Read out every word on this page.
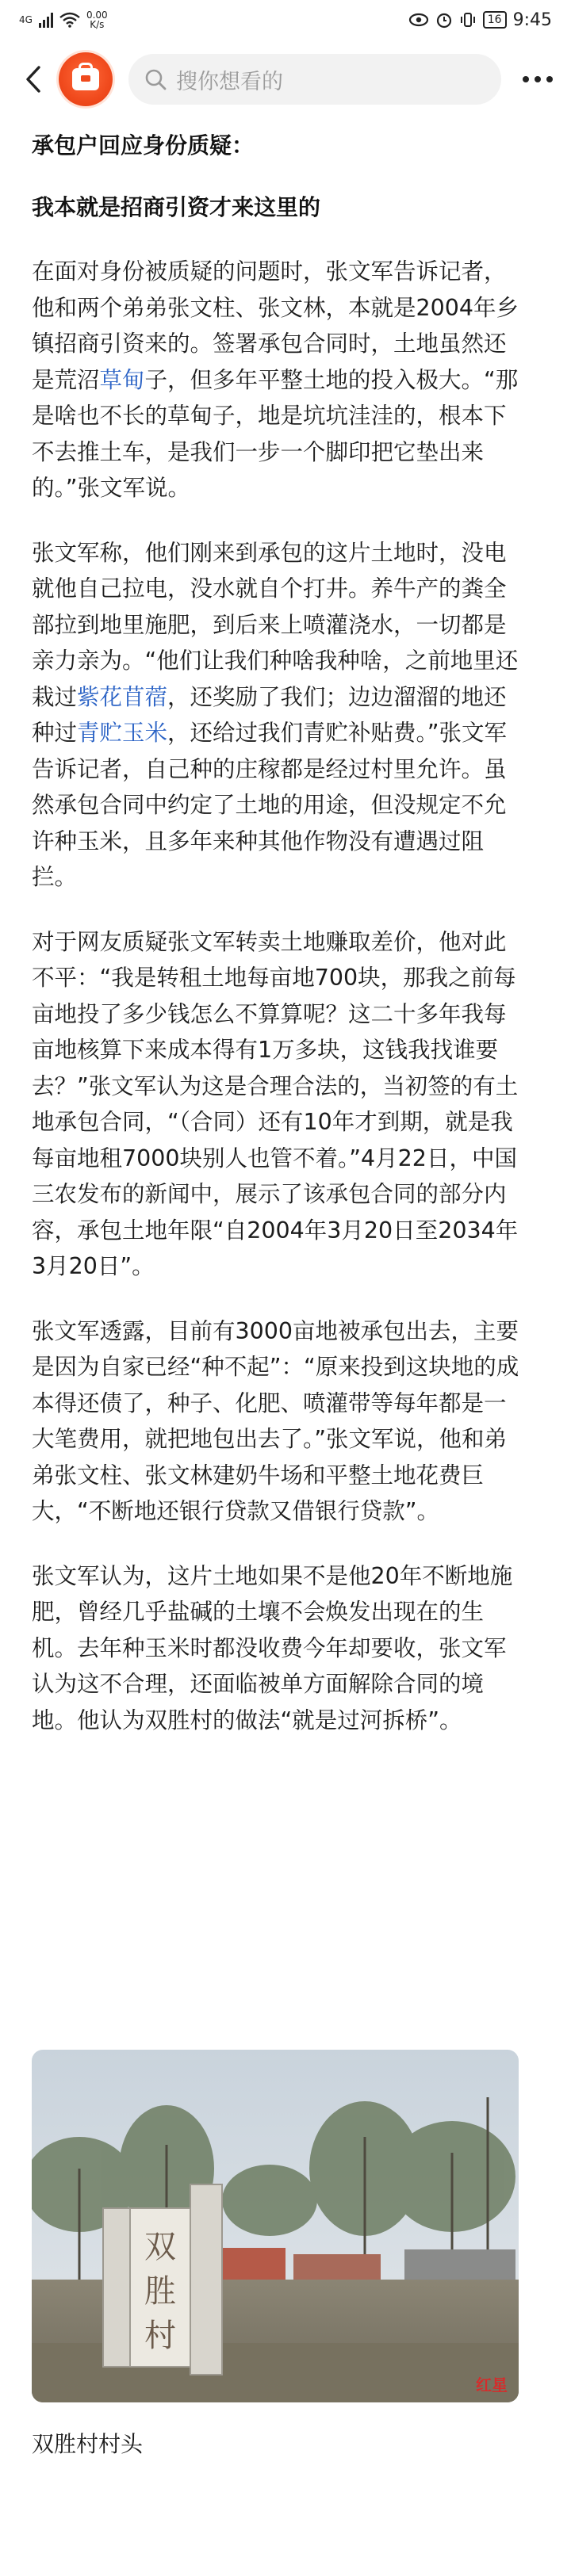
4G	0.00
K/s	16 9:45
搜你想看的

承包户回应身份质疑：

我本就是招商引资才来这里的

在面对身份被质疑的问题时，张文军告诉记者，他和两个弟弟张文柱、张文林，本就是2004年乡镇招商引资来的。签署承包合同时，土地虽然还是荒沼草甸子，但多年平整土地的投入极大。“那是啥也不长的草甸子，地是坑坑洼洼的，根本下不去推土车，是我们一步一个脚印把它垫出来的。”张文军说。

张文军称，他们刚来到承包的这片土地时，没电就他自己拉电，没水就自个打井。养牛产的粪全部拉到地里施肥，到后来上喷灌浇水，一切都是亲力亲为。“他们让我们种啥我种啥，之前地里还栽过紫花苜蓿，还奖励了我们；边边溜溜的地还种过青贮玉米，还给过我们青贮补贴费。”张文军告诉记者，自己种的庄稼都是经过村里允许。虽然承包合同中约定了土地的用途，但没规定不允许种玉米，且多年来种其他作物没有遭遇过阻拦。

对于网友质疑张文军转卖土地赚取差价，他对此不平：“我是转租土地每亩地700块，那我之前每亩地投了多少钱怎么不算算呢？这二十多年我每亩地核算下来成本得有1万多块，这钱我找谁要去？”张文军认为这是合理合法的，当初签的有土地承包合同，“（合同）还有10年才到期，就是我每亩地租7000块别人也管不着。”4月22日，中国三农发布的新闻中，展示了该承包合同的部分内容，承包土地年限“自2004年3月20日至2034年3月20日”。

张文军透露，目前有3000亩地被承包出去，主要是因为自家已经“种不起”：“原来投到这块地的成本得还债了，种子、化肥、喷灌带等每年都是一大笔费用，就把地包出去了。”张文军说，他和弟弟张文柱、张文林建奶牛场和平整土地花费巨大，“不断地还银行贷款又借银行贷款”。

张文军认为，这片土地如果不是他20年不断地施肥，曾经几乎盐碱的土壤不会焕发出现在的生机。去年种玉米时都没收费今年却要收，张文军认为这不合理，还面临被单方面解除合同的境地。他认为双胜村的做法“就是过河拆桥”。

双
胜
村
红星
双胜村村头
